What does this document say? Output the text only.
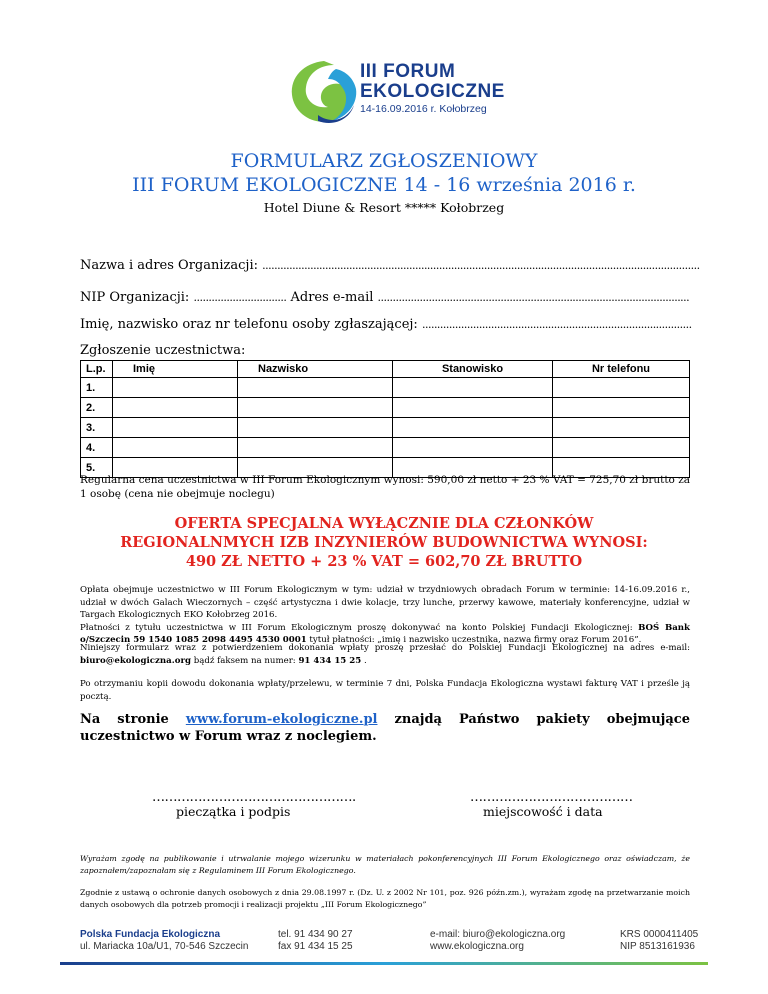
III FORUM
EKOLOGICZNE
14-16.09.2016 r. Kołobrzeg
FORMULARZ ZGŁOSZENIOWY
III FORUM EKOLOGICZNE 14 - 16 września 2016 r.
Hotel Diune & Resort ***** Kołobrzeg
Nazwa i adres Organizacji: ..................................................................................................................................................
NIP Organizacji: ............................... Adres e-mail ........................................................................................................
Imię, nazwisko oraz nr telefonu osoby zgłaszającej: ..........................................................................................
Zgłoszenie uczestnictwa:
L.p.	Imię	Nazwisko	Stanowisko	Nr telefonu
1.				
2.				
3.				
4.				
5.				
Regularna cena uczestnictwa w III Forum Ekologicznym wynosi: 590,00 zł netto + 23 % VAT = 725,70 zł brutto za 1 osobę (cena nie obejmuje noclegu)
OFERTA SPECJALNA WYŁĄCZNIE DLA CZŁONKÓW
REGIONALNMYCH IZB INZYNIERÓW BUDOWNICTWA WYNOSI:
490 ZŁ NETTO + 23 % VAT = 602,70 ZŁ BRUTTO
Opłata obejmuje uczestnictwo w III Forum Ekologicznym w tym: udział w trzydniowych obradach Forum w terminie: 14-16.09.2016 r., udział w dwóch Galach Wieczornych – część artystyczna i dwie kolacje, trzy lunche, przerwy kawowe, materiały konferencyjne, udział w Targach Ekologicznych EKO Kołobrzeg 2016.
Płatności z tytułu uczestnictwa w III Forum Ekologicznym proszę dokonywać na konto Polskiej Fundacji Ekologicznej: BOŚ Bank o/Szczecin 59 1540 1085 2098 4495 4530 0001 tytuł płatności: „imię i nazwisko uczestnika, nazwa firmy oraz Forum 2016”.
Niniejszy formularz wraz z potwierdzeniem dokonania wpłaty proszę przesłać do Polskiej Fundacji Ekologicznej na adres e-mail: biuro@ekologiczna.org bądź faksem na numer: 91 434 15 25 .
Po otrzymaniu kopii dowodu dokonania wpłaty/przelewu, w terminie 7 dni, Polska Fundacja Ekologiczna wystawi fakturę VAT i prześle ją pocztą.
Na stronie www.forum-ekologiczne.pl znajdą Państwo pakiety obejmujące uczestnictwo w Forum wraz z noclegiem.
………………………………………….
pieczątka i podpis
…………………………………
miejscowość i data
Wyrażam zgodę na publikowanie i utrwalanie mojego wizerunku w materiałach pokonferencyjnych III Forum Ekologicznego oraz oświadczam, że zapoznałem/zapoznałam się z Regulaminem III Forum Ekologicznego.
Zgodnie z ustawą o ochronie danych osobowych z dnia 29.08.1997 r. (Dz. U. z 2002 Nr 101, poz. 926 późn.zm.), wyrażam zgodę na przetwarzanie moich danych osobowych dla potrzeb promocji i realizacji projektu „III Forum Ekologicznego”
Polska Fundacja Ekologiczna
ul. Mariacka 10a/U1, 70-546 Szczecin
tel. 91 434 90 27
fax 91 434 15 25
e-mail: biuro@ekologiczna.org
www.ekologiczna.org
KRS 0000411405
NIP 8513161936
